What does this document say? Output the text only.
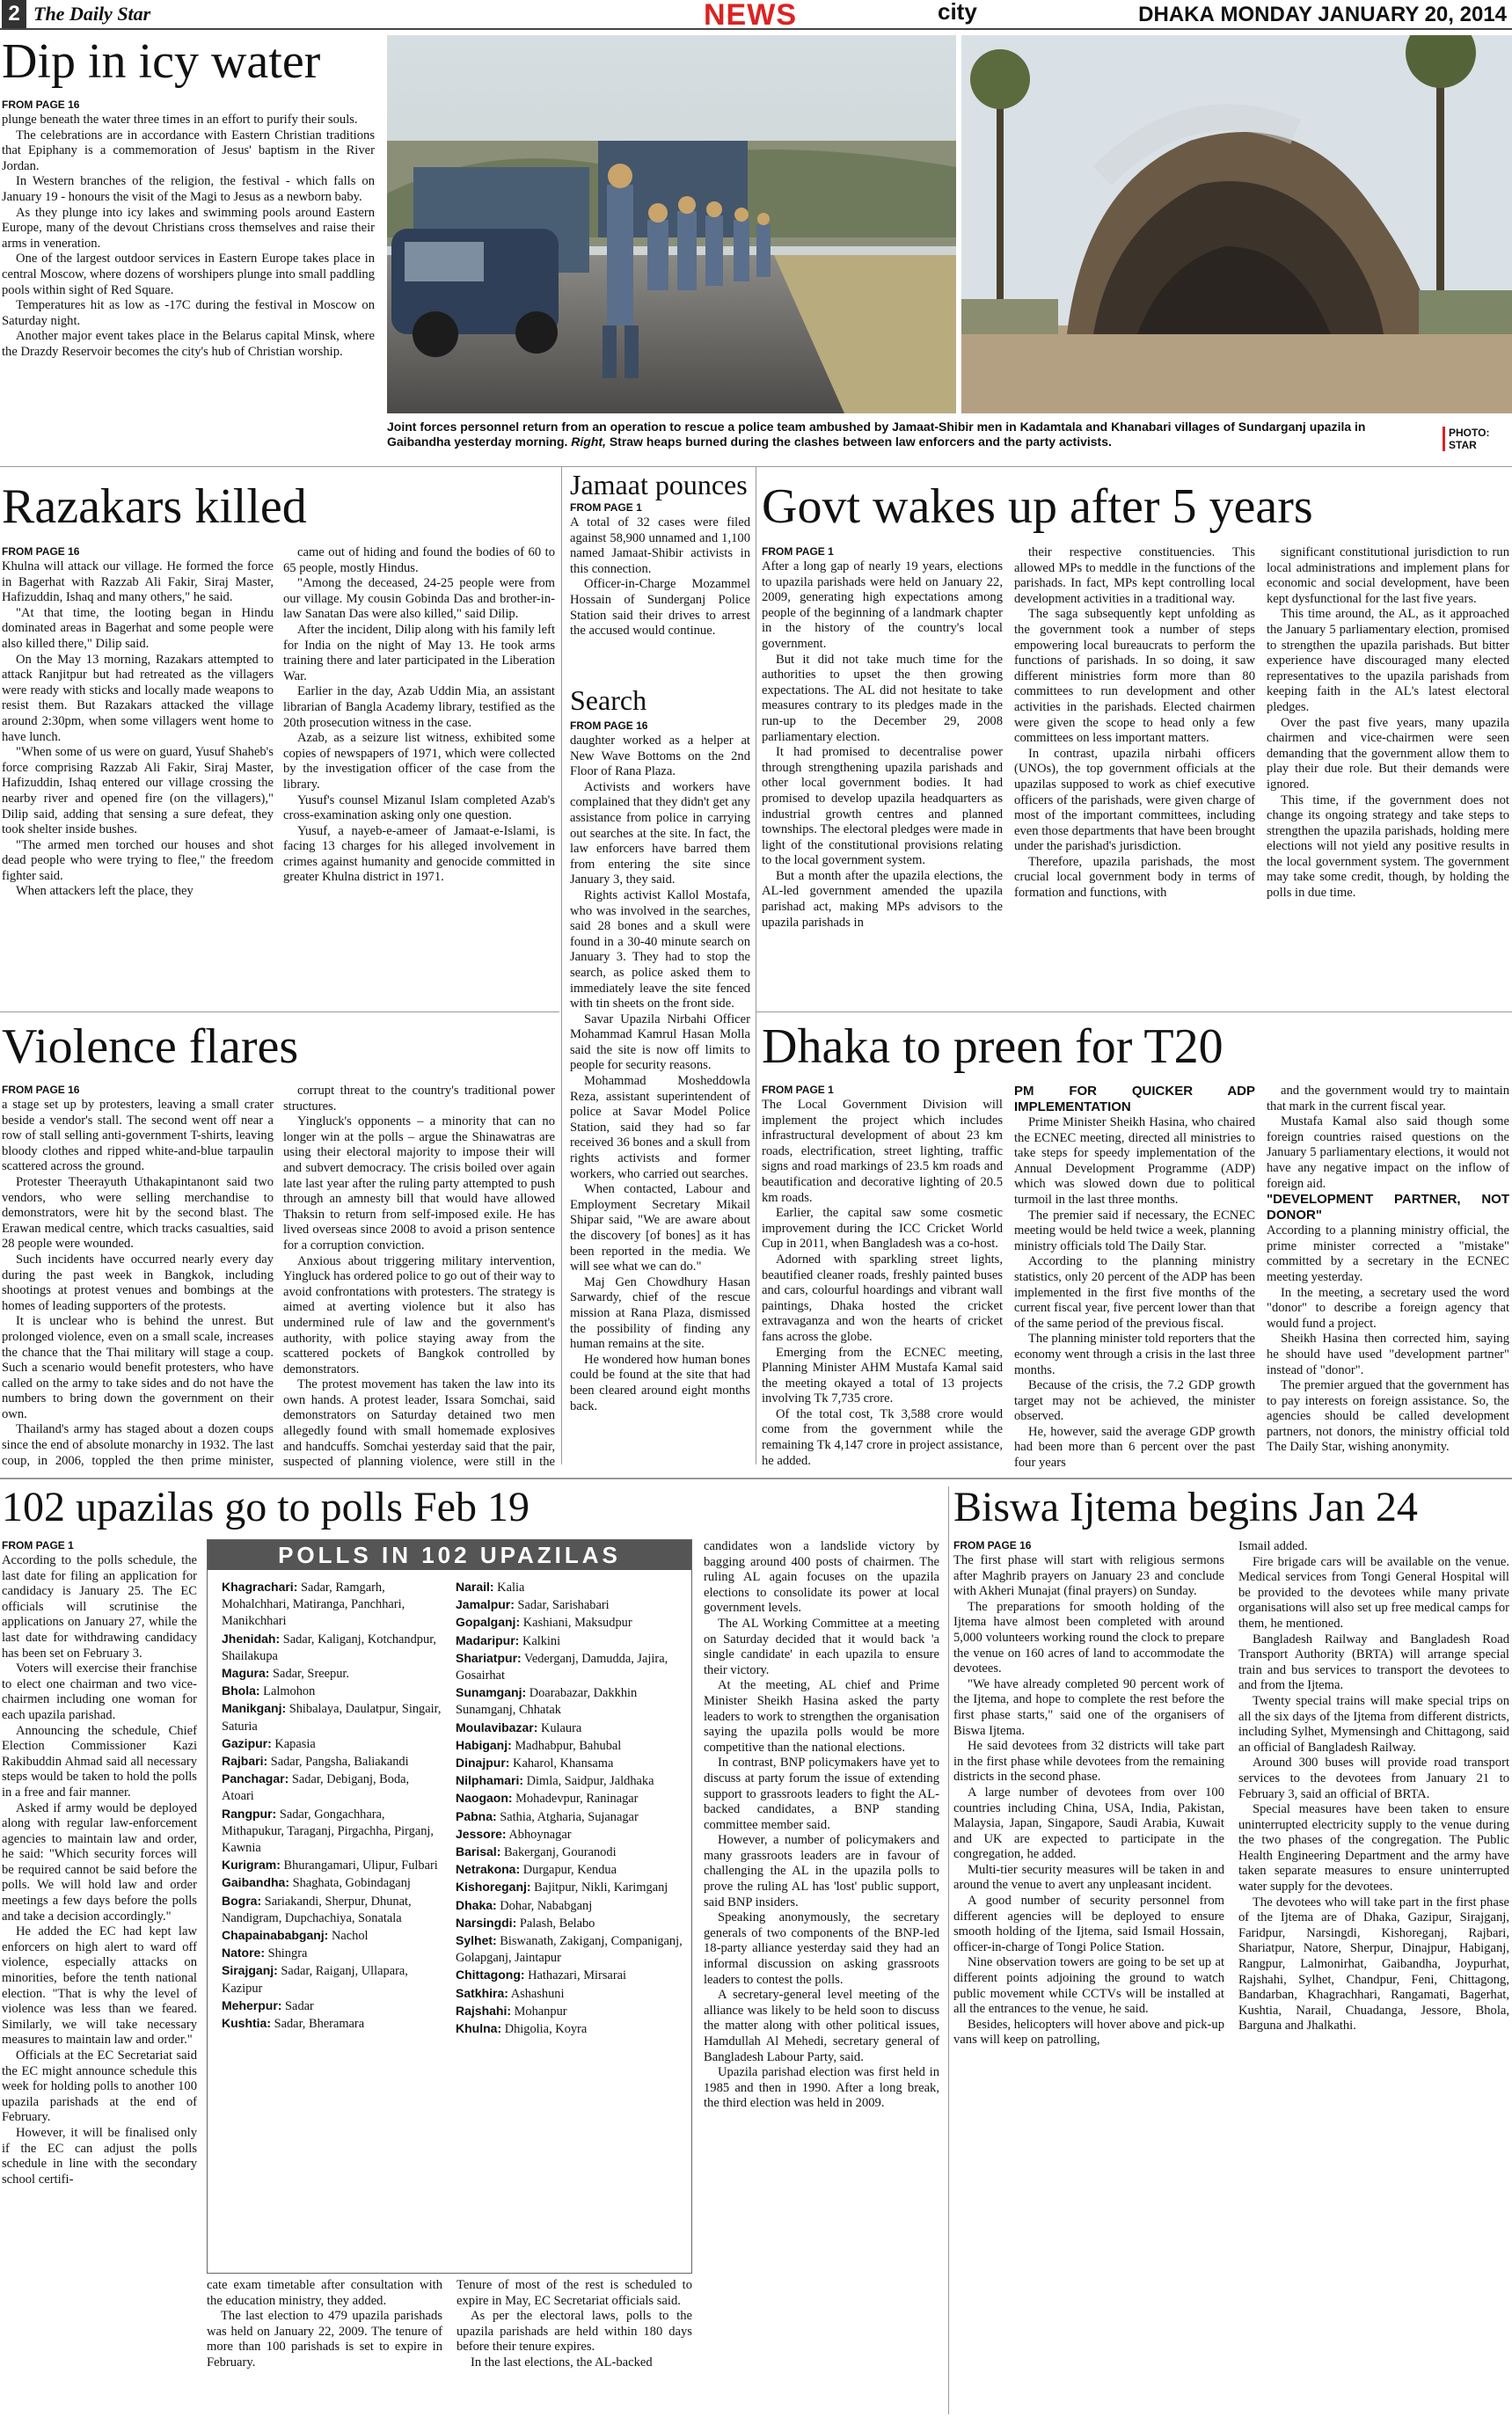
2 The Daily Star	NEWS	city	DHAKA MONDAY JANUARY 20, 2014
Dip in icy water
FROM PAGE 16

plunge beneath the water three times in an effort to purify their souls.

The celebrations are in accordance with Eastern Christian traditions that Epiphany is a commemoration of Jesus' baptism in the River Jordan.

In Western branches of the religion, the festival - which falls on January 19 - honours the visit of the Magi to Jesus as a newborn baby.

As they plunge into icy lakes and swimming pools around Eastern Europe, many of the devout Christians cross themselves and raise their arms in veneration.

One of the largest outdoor services in Eastern Europe takes place in central Moscow, where dozens of worshipers plunge into small paddling pools within sight of Red Square.

Temperatures hit as low as -17C during the festival in Moscow on Saturday night.

Another major event takes place in the Belarus capital Minsk, where the Drazdy Reservoir becomes the city's hub of Christian worship.

Joint forces personnel return from an operation to rescue a police team ambushed by Jamaat-Shibir men in Kadamtala and Khanabari villages of Sundarganj upazila in Gaibandha yesterday morning. Right, Straw heaps burned during the clashes between law enforcers and the party activists.
PHOTO:
STAR
Razakars killed
FROM PAGE 16

Khulna will attack our village. He formed the force in Bagerhat with Razzab Ali Fakir, Siraj Master, Hafizuddin, Ishaq and many others," he said.

"At that time, the looting began in Hindu dominated areas in Bagerhat and some people were also killed there," Dilip said.

On the May 13 morning, Razakars attempted to attack Ranjitpur but had retreated as the villagers were ready with sticks and locally made weapons to resist them. But Razakars attacked the village around 2:30pm, when some villagers went home to have lunch.

"When some of us were on guard, Yusuf Shaheb's force comprising Razzab Ali Fakir, Siraj Master, Hafizuddin, Ishaq entered our village crossing the nearby river and opened fire (on the villagers)," Dilip said, adding that sensing a sure defeat, they took shelter inside bushes.

"The armed men torched our houses and shot dead people who were trying to flee," the freedom fighter said.

When attackers left the place, they

came out of hiding and found the bodies of 60 to 65 people, mostly Hindus.

"Among the deceased, 24-25 people were from our village. My cousin Gobinda Das and brother-in-law Sanatan Das were also killed," said Dilip.

After the incident, Dilip along with his family left for India on the night of May 13. He took arms training there and later participated in the Liberation War.

Earlier in the day, Azab Uddin Mia, an assistant librarian of Bangla Academy library, testified as the 20th prosecution witness in the case.

Azab, as a seizure list witness, exhibited some copies of newspapers of 1971, which were collected by the investigation officer of the case from the library.

Yusuf's counsel Mizanul Islam completed Azab's cross-examination asking only one question.

Yusuf, a nayeb-e-ameer of Jamaat-e-Islami, is facing 13 charges for his alleged involvement in crimes against humanity and genocide committed in greater Khulna district in 1971.

Violence flares
FROM PAGE 16

a stage set up by protesters, leaving a small crater beside a vendor's stall. The second went off near a row of stall selling anti-government T-shirts, leaving bloody clothes and ripped white-and-blue tarpaulin scattered across the ground.

Protester Theerayuth Uthakapintanont said two vendors, who were selling merchandise to demonstrators, were hit by the second blast. The Erawan medical centre, which tracks casualties, said 28 people were wounded.

Such incidents have occurred nearly every day during the past week in Bangkok, including shootings at protest venues and bombings at the homes of leading supporters of the protests.

It is unclear who is behind the unrest. But prolonged violence, even on a small scale, increases the chance that the Thai military will stage a coup. Such a scenario would benefit protesters, who have called on the army to take sides and do not have the numbers to bring down the government on their own.

Thailand's army has staged about a dozen coups since the end of absolute monarchy in 1932. The last coup, in 2006, toppled the then prime minister,

corrupt threat to the country's traditional power structures.

Yingluck's opponents – a minority that can no longer win at the polls – argue the Shinawatras are using their electoral majority to impose their will and subvert democracy. The crisis boiled over again late last year after the ruling party attempted to push through an amnesty bill that would have allowed Thaksin to return from self-imposed exile. He has lived overseas since 2008 to avoid a prison sentence for a corruption conviction.

Anxious about triggering military intervention, Yingluck has ordered police to go out of their way to avoid confrontations with protesters. The strategy is aimed at averting violence but it also has undermined rule of law and the government's authority, with police staying away from the scattered pockets of Bangkok controlled by demonstrators.

The protest movement has taken the law into its own hands. A protest leader, Issara Somchai, said demonstrators on Saturday detained two men allegedly found with small homemade explosives and handcuffs. Somchai yesterday said that the pair, suspected of planning violence, were still in the

Jamaat pounces
FROM PAGE 1

A total of 32 cases were filed against 58,900 unnamed and 1,100 named Jamaat-Shibir activists in this connection.

Officer-in-Charge Mozammel Hossain of Sunderganj Police Station said their drives to arrest the accused would continue.

Search
FROM PAGE 16

daughter worked as a helper at New Wave Bottoms on the 2nd Floor of Rana Plaza.

Activists and workers have complained that they didn't get any assistance from police in carrying out searches at the site. In fact, the law enforcers have barred them from entering the site since January 3, they said.

Rights activist Kallol Mostafa, who was involved in the searches, said 28 bones and a skull were found in a 30-40 minute search on January 3. They had to stop the search, as police asked them to immediately leave the site fenced with tin sheets on the front side.

Savar Upazila Nirbahi Officer Mohammad Kamrul Hasan Molla said the site is now off limits to people for security reasons.

Mohammad Mosheddowla Reza, assistant superintendent of police at Savar Model Police Station, said they had so far received 36 bones and a skull from rights activists and former workers, who carried out searches.

When contacted, Labour and Employment Secretary Mikail Shipar said, "We are aware about the discovery [of bones] as it has been reported in the media. We will see what we can do."

Maj Gen Chowdhury Hasan Sarwardy, chief of the rescue mission at Rana Plaza, dismissed the possibility of finding any human remains at the site.

He wondered how human bones could be found at the site that had been cleared around eight months back.

Govt wakes up after 5 years
FROM PAGE 1

After a long gap of nearly 19 years, elections to upazila parishads were held on January 22, 2009, generating high expectations among people of the beginning of a landmark chapter in the history of the country's local government.

But it did not take much time for the authorities to upset the then growing expectations. The AL did not hesitate to take measures contrary to its pledges made in the run-up to the December 29, 2008 parliamentary election.

It had promised to decentralise power through strengthening upazila parishads and other local government bodies. It had promised to develop upazila headquarters as industrial growth centres and planned townships. The electoral pledges were made in light of the constitutional provisions relating to the local government system.

But a month after the upazila elections, the AL-led government amended the upazila parishad act, making MPs advisors to the upazila parishads in

their respective constituencies. This allowed MPs to meddle in the functions of the parishads. In fact, MPs kept controlling local development activities in a traditional way.

The saga subsequently kept unfolding as the government took a number of steps empowering local bureaucrats to perform the functions of parishads. In so doing, it saw different ministries form more than 80 committees to run development and other activities in the parishads. Elected chairmen were given the scope to head only a few committees on less important matters.

In contrast, upazila nirbahi officers (UNOs), the top government officials at the upazilas supposed to work as chief executive officers of the parishads, were given charge of most of the important committees, including even those departments that have been brought under the parishad's jurisdiction.

Therefore, upazila parishads, the most crucial local government body in terms of formation and functions, with

significant constitutional jurisdiction to run local administrations and implement plans for economic and social development, have been kept dysfunctional for the last five years.

This time around, the AL, as it approached the January 5 parliamentary election, promised to strengthen the upazila parishads. But bitter experience have discouraged many elected representatives to the upazila parishads from keeping faith in the AL's latest electoral pledges.

Over the past five years, many upazila chairmen and vice-chairmen were seen demanding that the government allow them to play their due role. But their demands were ignored.

This time, if the government does not change its ongoing strategy and take steps to strengthen the upazila parishads, holding mere elections will not yield any positive results in the local government system. The government may take some credit, though, by holding the polls in due time.

Dhaka to preen for T20
FROM PAGE 1

The Local Government Division will implement the project which includes infrastructural development of about 23 km roads, electrification, street lighting, traffic signs and road markings of 23.5 km roads and beautification and decorative lighting of 20.5 km roads.

Earlier, the capital saw some cosmetic improvement during the ICC Cricket World Cup in 2011, when Bangladesh was a co-host.

Adorned with sparkling street lights, beautified cleaner roads, freshly painted buses and cars, colourful hoardings and vibrant wall paintings, Dhaka hosted the cricket extravaganza and won the hearts of cricket fans across the globe.

Emerging from the ECNEC meeting, Planning Minister AHM Mustafa Kamal said the meeting okayed a total of 13 projects involving Tk 7,735 crore.

Of the total cost, Tk 3,588 crore would come from the government while the remaining Tk 4,147 crore in project assistance, he added.

PM FOR QUICKER ADP IMPLEMENTATION

Prime Minister Sheikh Hasina, who chaired the ECNEC meeting, directed all ministries to take steps for speedy implementation of the Annual Development Programme (ADP) which was slowed down due to political turmoil in the last three months.

The premier said if necessary, the ECNEC meeting would be held twice a week, planning ministry officials told The Daily Star.

According to the planning ministry statistics, only 20 percent of the ADP has been implemented in the first five months of the current fiscal year, five percent lower than that of the same period of the previous fiscal.

The planning minister told reporters that the economy went through a crisis in the last three months.

Because of the crisis, the 7.2 GDP growth target may not be achieved, the minister observed.

He, however, said the average GDP growth had been more than 6 percent over the past four years

and the government would try to maintain that mark in the current fiscal year.

Mustafa Kamal also said though some foreign countries raised questions on the January 5 parliamentary elections, it would not have any negative impact on the inflow of foreign aid.

"DEVELOPMENT PARTNER, NOT DONOR"

According to a planning ministry official, the prime minister corrected a "mistake" committed by a secretary in the ECNEC meeting yesterday.

In the meeting, a secretary used the word "donor" to describe a foreign agency that would fund a project.

Sheikh Hasina then corrected him, saying he should have used "development partner" instead of "donor".

The premier argued that the government has to pay interests on foreign assistance. So, the agencies should be called development partners, not donors, the ministry official told The Daily Star, wishing anonymity.

102 upazilas go to polls Feb 19
FROM PAGE 1

According to the polls schedule, the last date for filing an application for candidacy is January 25. The EC officials will scrutinise the applications on January 27, while the last date for withdrawing candidacy has been set on February 3.

Voters will exercise their franchise to elect one chairman and two vice-chairmen including one woman for each upazila parishad.

Announcing the schedule, Chief Election Commissioner Kazi Rakibuddin Ahmad said all necessary steps would be taken to hold the polls in a free and fair manner.

Asked if army would be deployed along with regular law-enforcement agencies to maintain law and order, he said: "Which security forces will be required cannot be said before the polls. We will hold law and order meetings a few days before the polls and take a decision accordingly."

He added the EC had kept law enforcers on high alert to ward off violence, especially attacks on minorities, before the tenth national election. "That is why the level of violence was less than we feared. Similarly, we will take necessary measures to maintain law and order."

Officials at the EC Secretariat said the EC might announce schedule this week for holding polls to another 100 upazila parishads at the end of February.

However, it will be finalised only if the EC can adjust the polls schedule in line with the secondary school certifi-

POLLS IN 102 UPAZILAS
Khagrachari: Sadar, Ramgarh, Mohalchhari, Matiranga, Panchhari, Manikchhari
Jhenidah: Sadar, Kaliganj, Kotchandpur, Shailakupa
Magura: Sadar, Sreepur.
Bhola: Lalmohon
Manikganj: Shibalaya, Daulatpur, Singair, Saturia
Gazipur: Kapasia
Rajbari: Sadar, Pangsha, Baliakandi
Panchagar: Sadar, Debiganj, Boda, Atoari
Rangpur: Sadar, Gongachhara, Mithapukur, Taraganj, Pirgachha, Pirganj, Kawnia
Kurigram: Bhurangamari, Ulipur, Fulbari
Gaibandha: Shaghata, Gobindaganj
Bogra: Sariakandi, Sherpur, Dhunat, Nandigram, Dupchachiya, Sonatala
Chapainababganj: Nachol
Natore: Shingra
Sirajganj: Sadar, Raiganj, Ullapara, Kazipur
Meherpur: Sadar
Kushtia: Sadar, Bheramara
Narail: Kalia
Jamalpur: Sadar, Sarishabari
Gopalganj: Kashiani, Maksudpur
Madaripur: Kalkini
Shariatpur: Vederganj, Damudda, Jajira, Gosairhat
Sunamganj: Doarabazar, Dakkhin Sunamganj, Chhatak
Moulavibazar: Kulaura
Habiganj: Madhabpur, Bahubal
Dinajpur: Kaharol, Khansama
Nilphamari: Dimla, Saidpur, Jaldhaka
Naogaon: Mohadevpur, Raninagar
Pabna: Sathia, Atgharia, Sujanagar
Jessore: Abhoynagar
Barisal: Bakerganj, Gouranodi
Netrakona: Durgapur, Kendua
Kishoreganj: Bajitpur, Nikli, Karimganj
Dhaka: Dohar, Nababganj
Narsingdi: Palash, Belabo
Sylhet: Biswanath, Zakiganj, Companiganj, Golapganj, Jaintapur
Chittagong: Hathazari, Mirsarai
Satkhira: Ashashuni
Rajshahi: Mohanpur
Khulna: Dhigolia, Koyra

cate exam timetable after consultation with the education ministry, they added.

The last election to 479 upazila parishads was held on January 22, 2009. The tenure of more than 100 parishads is set to expire in February.

Tenure of most of the rest is scheduled to expire in May, EC Secretariat officials said.

As per the electoral laws, polls to the upazila parishads are held within 180 days before their tenure expires.

In the last elections, the AL-backed

candidates won a landslide victory by bagging around 400 posts of chairmen. The ruling AL again focuses on the upazila elections to consolidate its power at local government levels.

The AL Working Committee at a meeting on Saturday decided that it would back 'a single candidate' in each upazila to ensure their victory.

At the meeting, AL chief and Prime Minister Sheikh Hasina asked the party leaders to work to strengthen the organisation saying the upazila polls would be more competitive than the national elections.

In contrast, BNP policymakers have yet to discuss at party forum the issue of extending support to grassroots leaders to fight the AL-backed candidates, a BNP standing committee member said.

However, a number of policymakers and many grassroots leaders are in favour of challenging the AL in the upazila polls to prove the ruling AL has 'lost' public support, said BNP insiders.

Speaking anonymously, the secretary generals of two components of the BNP-led 18-party alliance yesterday said they had an informal discussion on asking grassroots leaders to contest the polls.

A secretary-general level meeting of the alliance was likely to be held soon to discuss the matter along with other political issues, Hamdullah Al Mehedi, secretary general of Bangladesh Labour Party, said.

Upazila parishad election was first held in 1985 and then in 1990. After a long break, the third election was held in 2009.

Biswa Ijtema begins Jan 24
FROM PAGE 16

The first phase will start with religious sermons after Maghrib prayers on January 23 and conclude with Akheri Munajat (final prayers) on Sunday.

The preparations for smooth holding of the Ijtema have almost been completed with around 5,000 volunteers working round the clock to prepare the venue on 160 acres of land to accommodate the devotees.

"We have already completed 90 percent work of the Ijtema, and hope to complete the rest before the first phase starts," said one of the organisers of Biswa Ijtema.

He said devotees from 32 districts will take part in the first phase while devotees from the remaining districts in the second phase.

A large number of devotees from over 100 countries including China, USA, India, Pakistan, Malaysia, Japan, Singapore, Saudi Arabia, Kuwait and UK are expected to participate in the congregation, he added.

Multi-tier security measures will be taken in and around the venue to avert any unpleasant incident.

A good number of security personnel from different agencies will be deployed to ensure smooth holding of the Ijtema, said Ismail Hossain, officer-in-charge of Tongi Police Station.

Nine observation towers are going to be set up at different points adjoining the ground to watch public movement while CCTVs will be installed at all the entrances to the venue, he said.

Besides, helicopters will hover above and pick-up vans will keep on patrolling,

Ismail added.

Fire brigade cars will be available on the venue. Medical services from Tongi General Hospital will be provided to the devotees while many private organisations will also set up free medical camps for them, he mentioned.

Bangladesh Railway and Bangladesh Road Transport Authority (BRTA) will arrange special train and bus services to transport the devotees to and from the Ijtema.

Twenty special trains will make special trips on all the six days of the Ijtema from different districts, including Sylhet, Mymensingh and Chittagong, said an official of Bangladesh Railway.

Around 300 buses will provide road transport services to the devotees from January 21 to February 3, said an official of BRTA.

Special measures have been taken to ensure uninterrupted electricity supply to the venue during the two phases of the congregation. The Public Health Engineering Department and the army have taken separate measures to ensure uninterrupted water supply for the devotees.

The devotees who will take part in the first phase of the Ijtema are of Dhaka, Gazipur, Sirajganj, Faridpur, Narsingdi, Kishoreganj, Rajbari, Shariatpur, Natore, Sherpur, Dinajpur, Habiganj, Rangpur, Lalmonirhat, Gaibandha, Joypurhat, Rajshahi, Sylhet, Chandpur, Feni, Chittagong, Bandarban, Khagrachhari, Rangamati, Bagerhat, Kushtia, Narail, Chuadanga, Jessore, Bhola, Barguna and Jhalkathi.
